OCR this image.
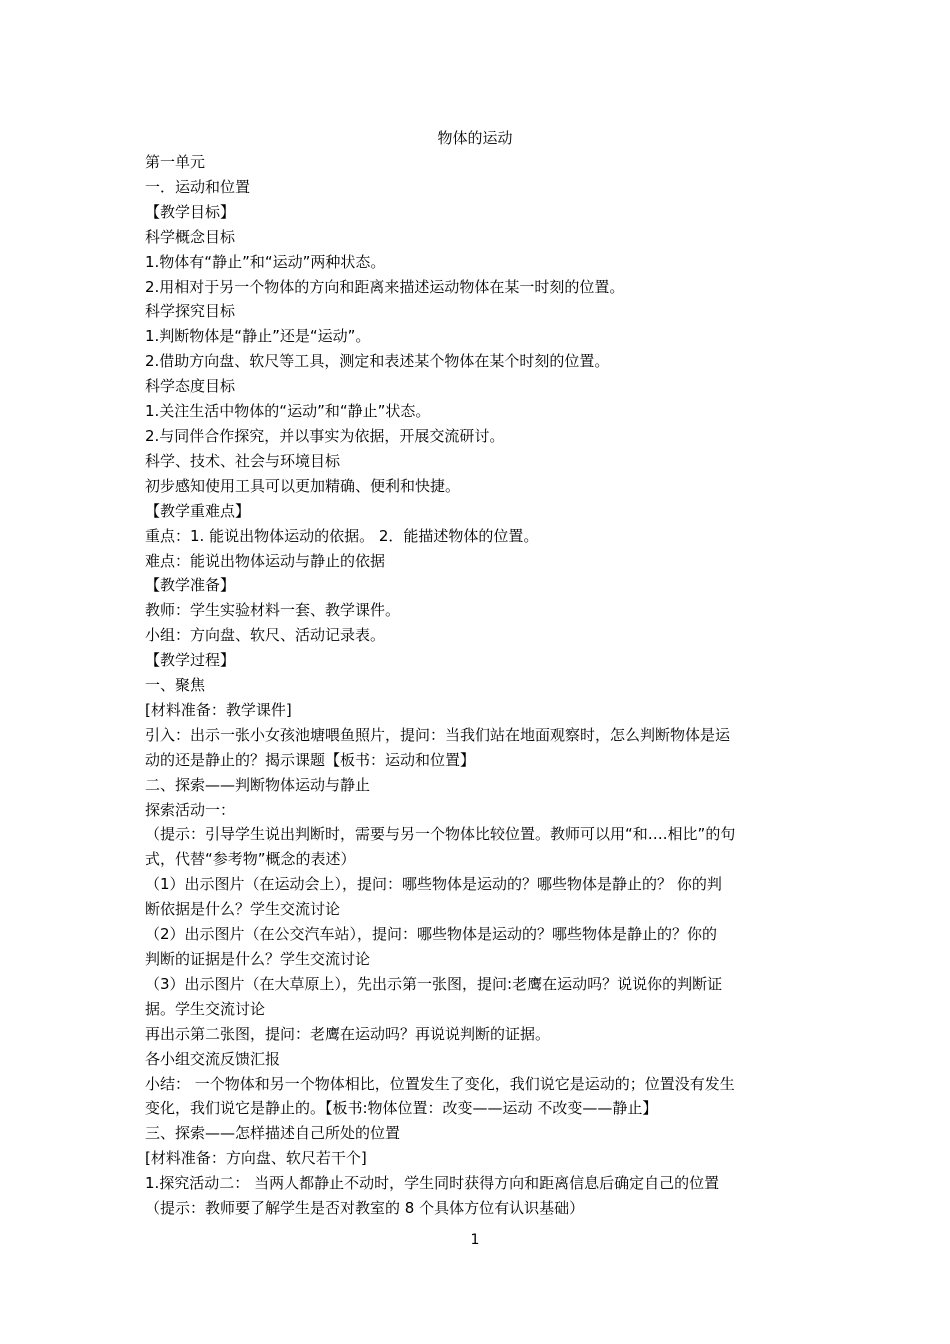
物体的运动
第一单元
一．运动和位置
【教学目标】
科学概念目标
1.物体有“静止”和“运动”两种状态。
2.用相对于另一个物体的方向和距离来描述运动物体在某一时刻的位置。
科学探究目标
1.判断物体是“静止”还是“运动”。
2.借助方向盘、软尺等工具，测定和表述某个物体在某个时刻的位置。
科学态度目标
1.关注生活中物体的“运动”和“静止”状态。
2.与同伴合作探究，并以事实为依据，开展交流研讨。
科学、技术、社会与环境目标
初步感知使用工具可以更加精确、便利和快捷。
【教学重难点】
重点：1. 能说出物体运动的依据。 2．能描述物体的位置。
难点：能说出物体运动与静止的依据
【教学准备】
教师：学生实验材料一套、教学课件。
小组：方向盘、软尺、活动记录表。
【教学过程】
一、聚焦
[材料准备：教学课件]
引入：出示一张小女孩池塘喂鱼照片，提问：当我们站在地面观察时，怎么判断物体是运
动的还是静止的？揭示课题【板书：运动和位置】
二、探索——判断物体运动与静止
探索活动一：
（提示：引导学生说出判断时，需要与另一个物体比较位置。教师可以用“和….相比”的句
式，代替“参考物”概念的表述）
（1）出示图片（在运动会上），提问：哪些物体是运动的？哪些物体是静止的？ 你的判
断依据是什么？学生交流讨论
（2）出示图片（在公交汽车站），提问：哪些物体是运动的？哪些物体是静止的？你的
判断的证据是什么？学生交流讨论
（3）出示图片（在大草原上），先出示第一张图，提问:老鹰在运动吗？说说你的判断证
据。学生交流讨论
再出示第二张图，提问：老鹰在运动吗？再说说判断的证据。
各小组交流反馈汇报
小结： 一个物体和另一个物体相比，位置发生了变化，我们说它是运动的；位置没有发生
变化，我们说它是静止的。【板书:物体位置：改变——运动 不改变——静止】
三、探索——怎样描述自己所处的位置
[材料准备：方向盘、软尺若干个]
1.探究活动二： 当两人都静止不动时，学生同时获得方向和距离信息后确定自己的位置
（提示：教师要了解学生是否对教室的 8 个具体方位有认识基础）
1
